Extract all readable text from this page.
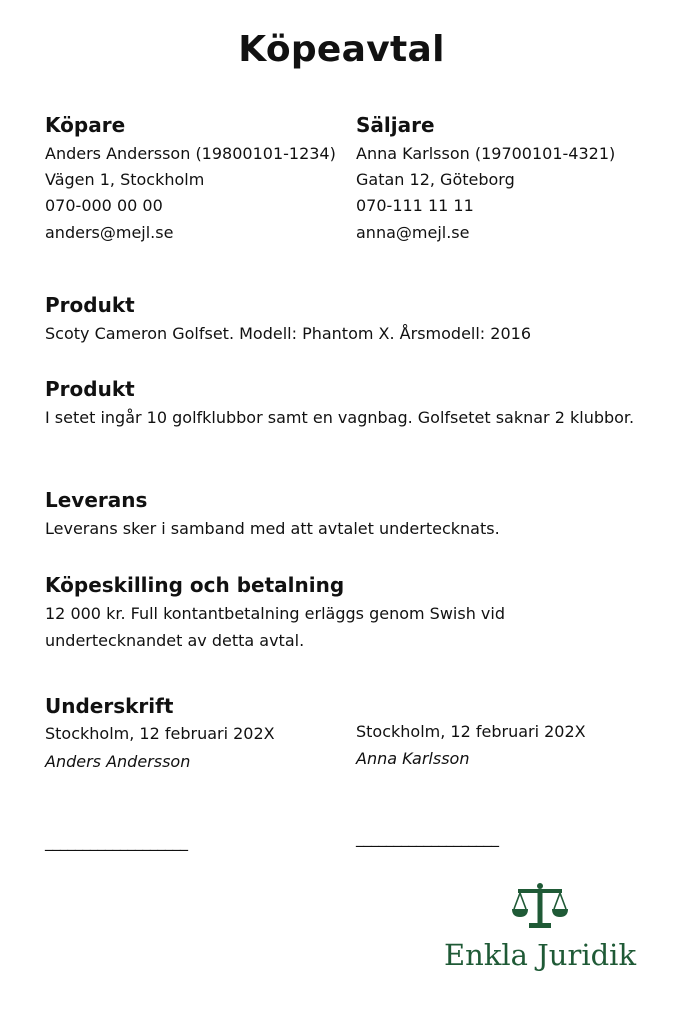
Köpeavtal
Köpare
Anders Andersson (19800101-1234)
Vägen 1, Stockholm
070-000 00 00
anders@mejl.se
Säljare
Anna Karlsson (19700101-4321)
Gatan 12, Göteborg
070-111 11 11
anna@mejl.se
Produkt
Scoty Cameron Golfset. Modell: Phantom X. Årsmodell: 2016
Produkt
I setet ingår 10 golfklubbor samt en vagnbag. Golfsetet saknar 2 klubbor.
Leverans
Leverans sker i samband med att avtalet undertecknats.
Köpeskilling och betalning
12 000 kr. Full kontantbetalning erläggs genom Swish vid undertecknandet av detta avtal.
Underskrift
Stockholm, 12 februari 202X
Anders Andersson
Stockholm, 12 februari 202X
Anna Karlsson
___________________	___________________
Enkla Juridik
